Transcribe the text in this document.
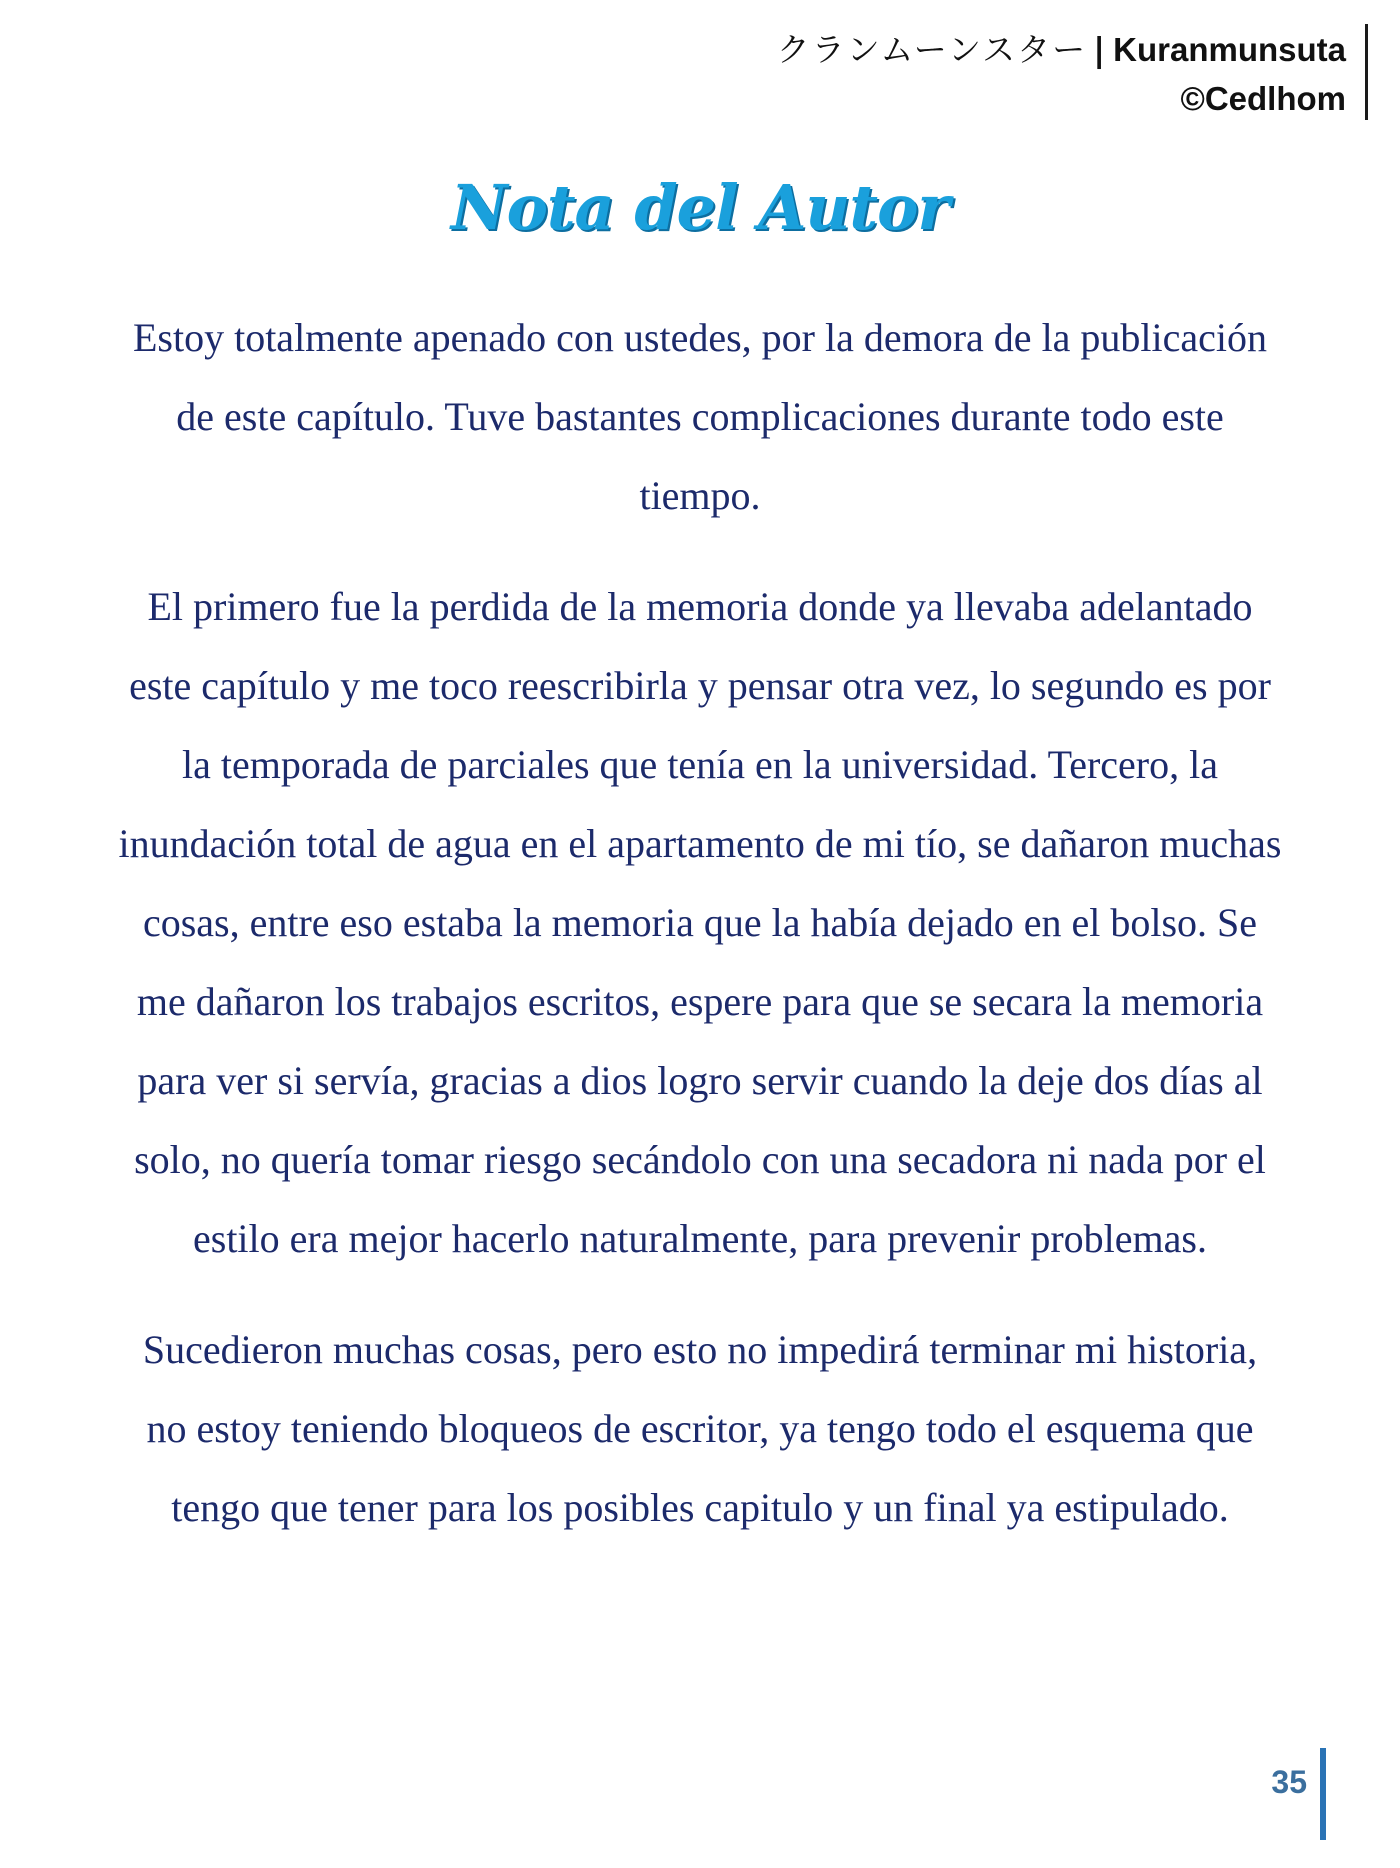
クランムーンスター | Kuranmunsuta
©Cedlhom
Nota del Autor

Estoy totalmente apenado con ustedes, por la demora de la publicación de este capítulo. Tuve bastantes complicaciones durante todo este tiempo.

El primero fue la perdida de la memoria donde ya llevaba adelantado este capítulo y me toco reescribirla y pensar otra vez, lo segundo es por la temporada de parciales que tenía en la universidad. Tercero, la inundación total de agua en el apartamento de mi tío, se dañaron muchas cosas, entre eso estaba la memoria que la había dejado en el bolso. Se me dañaron los trabajos escritos, espere para que se secara la memoria para ver si servía, gracias a dios logro servir cuando la deje dos días al solo, no quería tomar riesgo secándolo con una secadora ni nada por el estilo era mejor hacerlo naturalmente, para prevenir problemas.

Sucedieron muchas cosas, pero esto no impedirá terminar mi historia, no estoy teniendo bloqueos de escritor, ya tengo todo el esquema que tengo que tener para los posibles capitulo y un final ya estipulado.

35
